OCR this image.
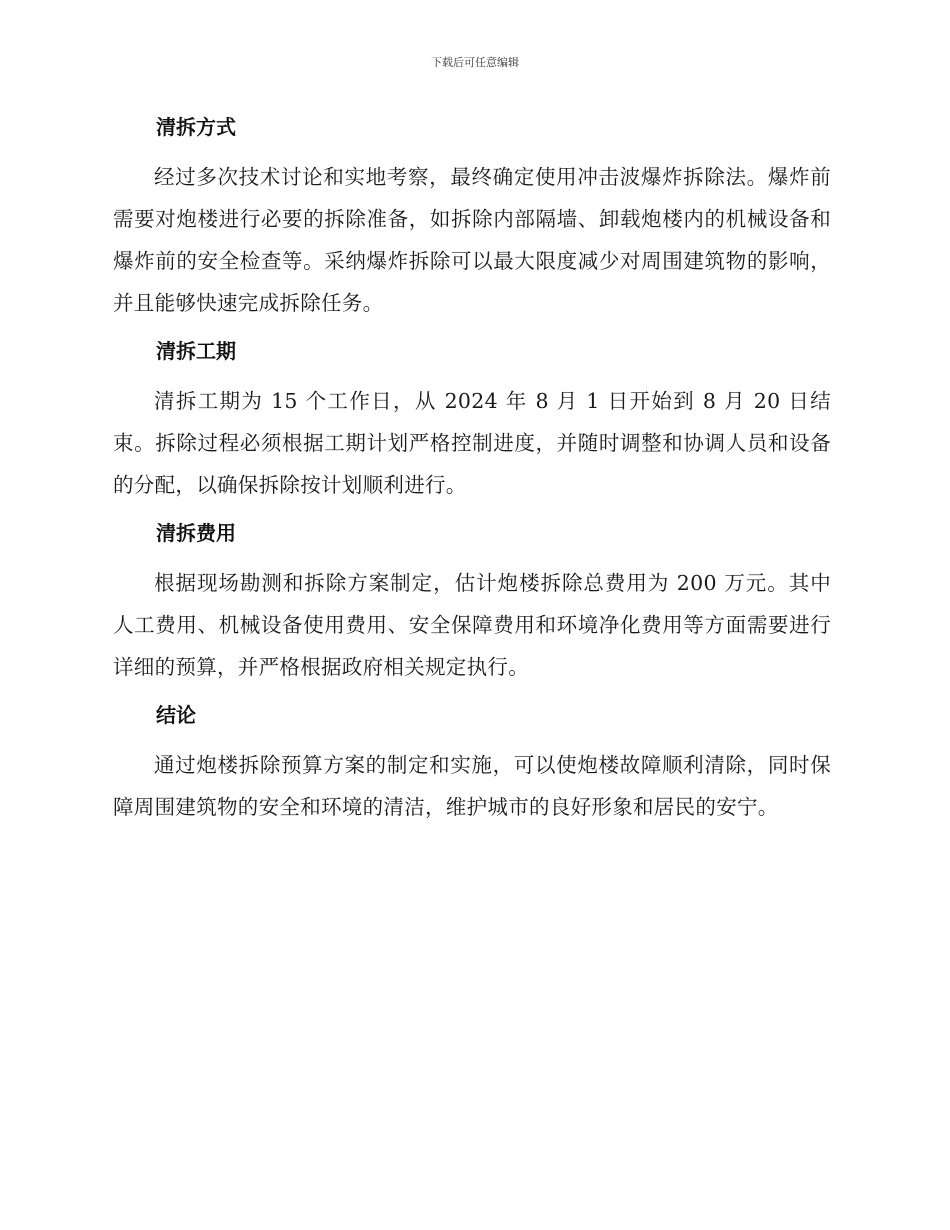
下载后可任意编辑
清拆方式

经过多次技术讨论和实地考察，最终确定使用冲击波爆炸拆除法。爆炸前需要对炮楼进行必要的拆除准备，如拆除内部隔墙、卸载炮楼内的机械设备和爆炸前的安全检查等。采纳爆炸拆除可以最大限度减少对周围建筑物的影响，并且能够快速完成拆除任务。

清拆工期

清拆工期为 15 个工作日，从 2024 年 8 月 1 日开始到 8 月 20 日结束。拆除过程必须根据工期计划严格控制进度，并随时调整和协调人员和设备的分配，以确保拆除按计划顺利进行。

清拆费用

根据现场勘测和拆除方案制定，估计炮楼拆除总费用为 200 万元。其中人工费用、机械设备使用费用、安全保障费用和环境净化费用等方面需要进行详细的预算，并严格根据政府相关规定执行。

结论

通过炮楼拆除预算方案的制定和实施，可以使炮楼故障顺利清除，同时保障周围建筑物的安全和环境的清洁，维护城市的良好形象和居民的安宁。
